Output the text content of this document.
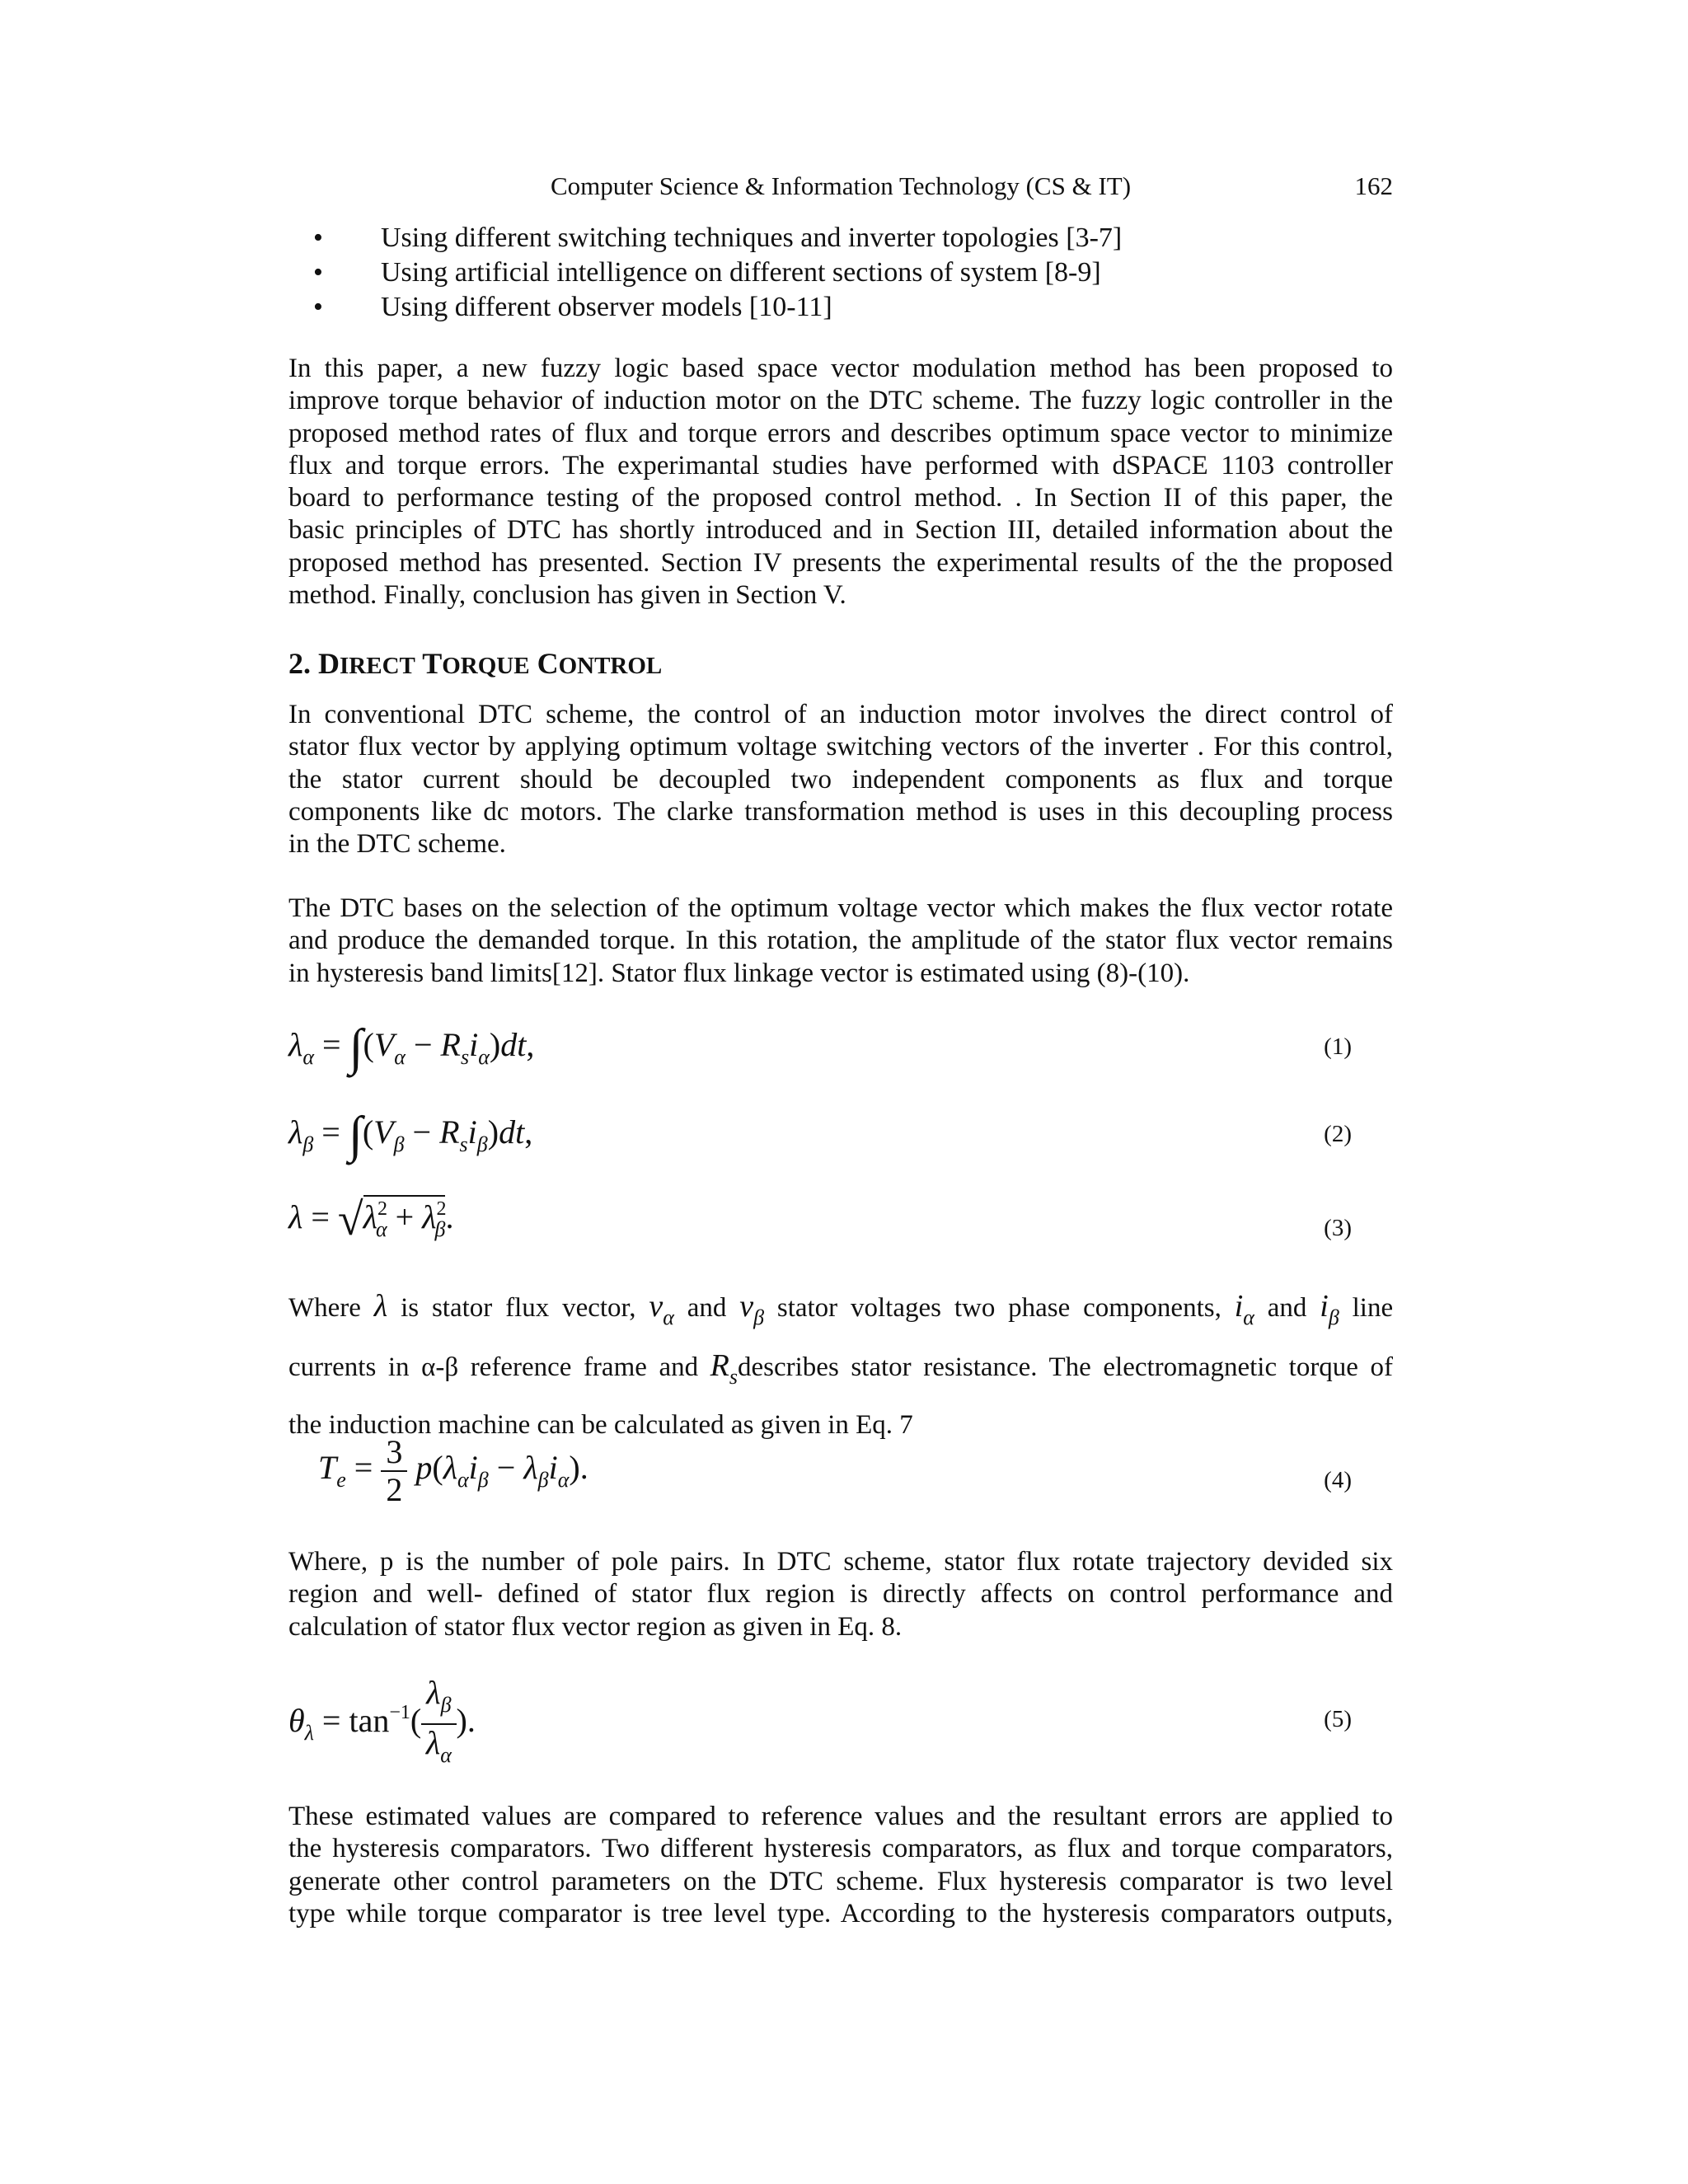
Computer Science & Information Technology (CS & IT)	162
• Using different switching techniques and inverter topologies [3-7]
• Using artificial intelligence on different sections of system [8-9]
• Using different observer models [10-11]

In this paper, a new fuzzy logic based space vector modulation method has been proposed to
improve torque behavior of induction motor on the DTC scheme. The fuzzy logic controller in the
proposed method rates of flux and torque errors and describes optimum space vector to minimize
flux and torque errors. The experimantal studies have performed with dSPACE 1103 controller
board to performance testing of the proposed control method. . In Section II of this paper, the
basic principles of DTC has shortly introduced and in Section III, detailed information about the
proposed method has presented. Section IV presents the experimental results of the the proposed
method. Finally, conclusion has given in Section V.

2. DIRECT TORQUE CONTROL

In conventional DTC scheme, the control of an induction motor involves the direct control of
stator flux vector by applying optimum voltage switching vectors of the inverter . For this control,
the stator current should be decoupled two independent components as flux and torque
components like dc motors. The clarke transformation method is uses in this decoupling process
in the DTC scheme.

The DTC bases on the selection of the optimum voltage vector which makes the flux vector rotate
and produce the demanded torque. In this rotation, the amplitude of the stator flux vector remains
in hysteresis band limits[12]. Stator flux linkage vector is estimated using (8)-(10).

$\lambda_\alpha = \int(V_\alpha - R_si_\alpha)dt$,	(1)
$\lambda_\beta = \int(V_\beta - R_si_\beta)dt$,	(2)
$\lambda = √\lambda^2_\alpha + \lambda^2_\beta$.	(3)
Where λ is stator flux vector, $v_\alpha$ and $v_\beta$ stator voltages two phase components, $i_\alpha$ and $i_\beta$ line
currents in α-β reference frame and $R_sdescribes$ stator resistance. The electromagnetic torque of
the induction machine can be calculated as given in Eq. 7
$T_e = \frac{3}{2} p(\lambda_\alpha i_\beta - \lambda_\beta i_\alpha)$.	(4)

Where, p is the number of pole pairs. In DTC scheme, stator flux rotate trajectory devided six
region and well- defined of stator flux region is directly affects on control performance and
calculation of stator flux vector region as given in Eq. 8.

$\theta_\lambda = \tan^{-1}( \frac{\lambda_\beta}{\lambda_\alpha}$ ).	(5)

These estimated values are compared to reference values and the resultant errors are applied to
the hysteresis comparators. Two different hysteresis comparators, as flux and torque comparators,
generate other control parameters on the DTC scheme. Flux hysteresis comparator is two level
type while torque comparator is tree level type. According to the hysteresis comparators outputs,
